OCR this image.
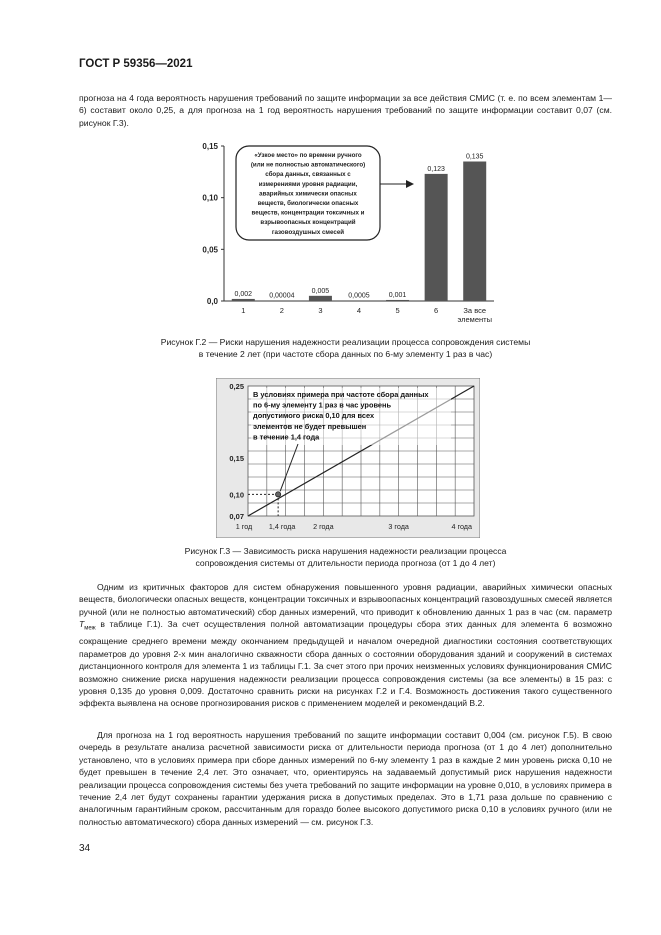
ГОСТ Р 59356—2021
прогноза на 4 года вероятность нарушения требований по защите информации за все действия СМИС (т. е. по всем элементам 1—6) составит около 0,25, а для прогноза на 1 год вероятность нарушения требований по защите информации составит 0,07 (см. рисунок Г.3).
0,0
0,05
0,10
0,15
0,002
1
0,00004
2
0,005
3
0,0005
4
0,001
5
0,123
6
0,135
За все элементы
«Узкое место» по времени ручного
(или не полностью автоматического)
сбора данных, связанных с
измерениями уровня радиации,
аварийных химически опасных
веществ, биологически опасных
веществ, концентрации токсичных и
взрывоопасных концентраций
газовоздушных смесей
Рисунок Г.2 — Риски нарушения надежности реализации процесса сопровождения системы
в течение 2 лет (при частоте сбора данных по 6-му элементу 1 раз в час)
0,07
0,10
0,15
0,25
1 год 1,4 года 2 года	3 года	4 года
В условиях примера при частоте сбора данных
по 6-му элементу 1 раз в час уровень
допустимого риска 0,10 для всех
элементов не будет превышен
в течение 1,4 года
Рисунок Г.3 — Зависимость риска нарушения надежности реализации процесса
сопровождения системы от длительности периода прогноза (от 1 до 4 лет)
Одним из критичных факторов для систем обнаружения повышенного уровня радиации, аварийных химически опасных веществ, биологически опасных веществ, концентрации токсичных и взрывоопасных концентраций газовоздушных смесей является ручной (или не полностью автоматический) сбор данных измерений, что приводит к обновлению данных 1 раз в час (см. параметр $T_{меж}$ в таблице Г.1). За счет осуществления полной автоматизации процедуры сбора этих данных для элемента 6 возможно сокращение среднего времени между окончанием предыдущей и началом очередной диагностики состояния соответствующих параметров до уровня 2-х мин аналогично скважности сбора данных о состоянии оборудования зданий и сооружений в системах дистанционного контроля для элемента 1 из таблицы Г.1. За счет этого при прочих неизменных условиях функционирования СМИС возможно снижение риска нарушения надежности реализации процесса сопровождения системы (за все элементы) в 15 раз: с уровня 0,135 до уровня 0,009. Достаточно сравнить риски на рисунках Г.2 и Г.4. Возможность достижения такого существенного эффекта выявлена на основе прогнозирования рисков с применением моделей и рекомендаций В.2.
Для прогноза на 1 год вероятность нарушения требований по защите информации составит 0,004 (см. рисунок Г.5). В свою очередь в результате анализа расчетной зависимости риска от длительности периода прогноза (от 1 до 4 лет) дополнительно установлено, что в условиях примера при сборе данных измерений по 6-му элементу 1 раз в каждые 2 мин уровень риска 0,10 не будет превышен в течение 2,4 лет. Это означает, что, ориентируясь на задаваемый допустимый риск нарушения надежности реализации процесса сопровождения системы без учета требований по защите информации на уровне 0,010, в условиях примера в течение 2,4 лет будут сохранены гарантии удержания риска в допустимых пределах. Это в 1,71 раза дольше по сравнению с аналогичным гарантийным сроком, рассчитанным для гораздо более высокого допустимого риска 0,10 в условиях ручного (или не полностью автоматического) сбора данных измерений — см. рисунок Г.3.
34
